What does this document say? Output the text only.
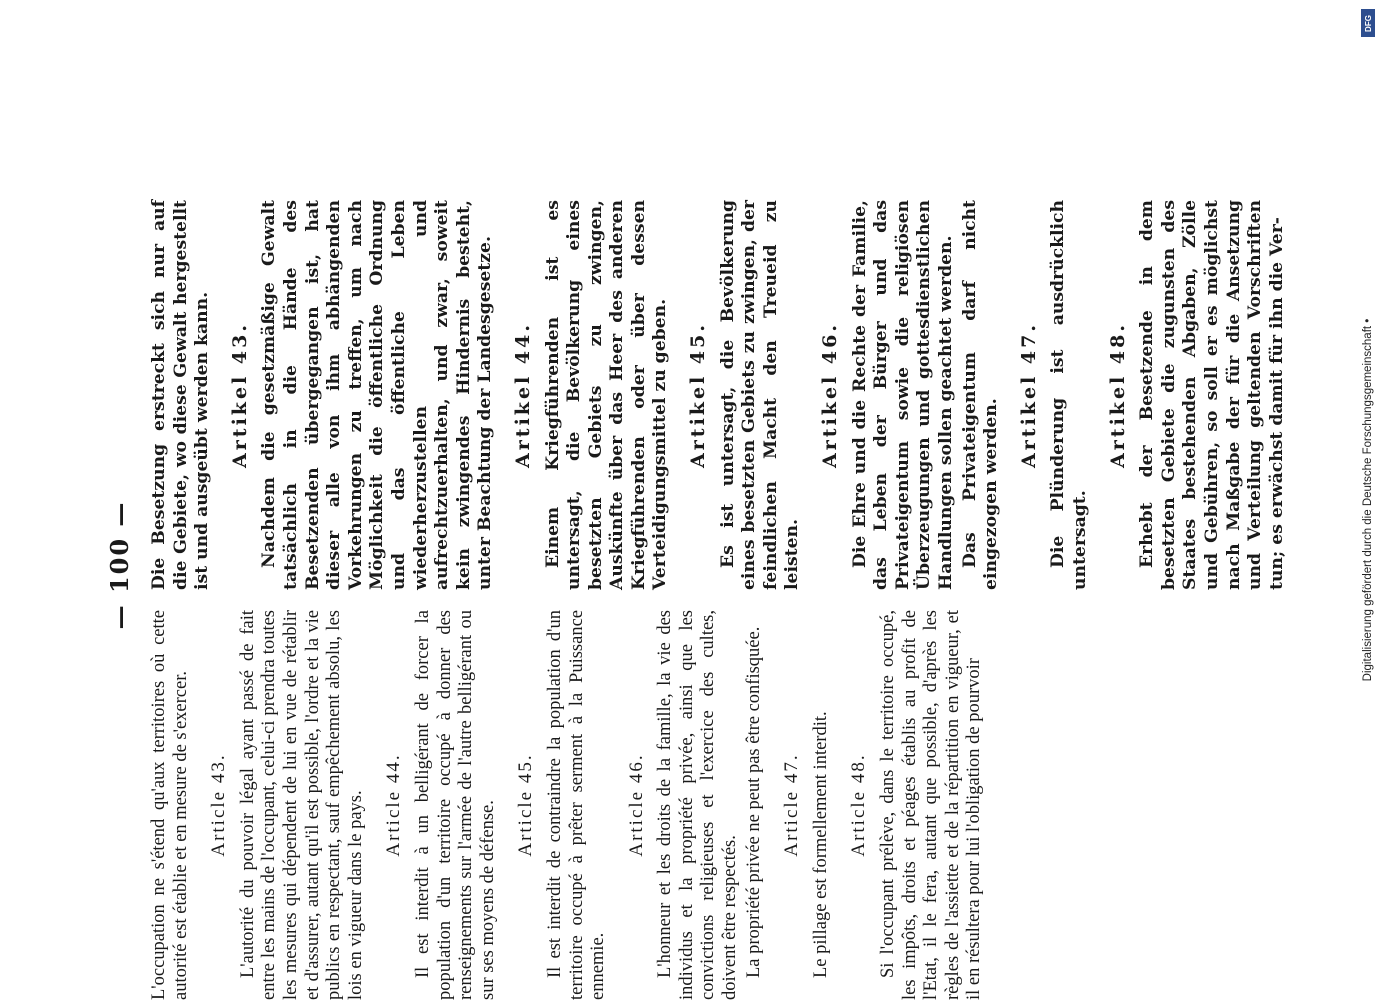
— 100 —

L'occupation ne s'étend qu'aux territoires où cette autorité est établie et en mesure de s'exercer. Article 43. L'autorité du pouvoir légal ayant passé de fait entre les mains de l'occupant, celui-ci prendra toutes les mesures qui dépendent de lui en vue de rétablir et d'assurer, autant qu'il est possible, l'ordre et la vie publics en respectant, sauf empêchement absolu, les lois en vigueur dans le pays. Article 44. Il est interdit à un belligérant de forcer la population d'un territoire occupé à donner des renseignements sur l'armée de l'autre belligérant ou sur ses moyens de défense. Article 45. Il est interdit de contraindre la population d'un territoire occupé à prêter serment à la Puissance ennemie.

Article 46. L'honneur et les droits de la famille, la vie des individus et la propriété privée, ainsi que les convictions religieuses et l'exercice des cultes, doivent être respectés. La propriété privée ne peut pas être confisquée. Article 47. Le pillage est formellement interdit. Article 48. Si l'occupant prélève, dans le territoire occupé, les impôts, droits et péages établis au profit de l'Etat, il le fera, autant que possible, d'après les règles de l'assiette et de la répartition en vigueur, et il en résultera pour lui l'obligation de pourvoir

Die Besetzung erstreckt sich nur auf die Gebiete, wo diese Gewalt hergestellt ist und ausgeübt werden kann. Artikel 43. Nachdem die gesetzmäßige Gewalt tatsächlich in die Hände des Besetzenden übergegangen ist, hat dieser alle von ihm abhängenden Vorkehrungen zu treffen, um nach Möglichkeit die öffentliche Ordnung und das öffentliche Leben wiederherzustellen und aufrechtzuerhalten, und zwar, soweit kein zwingendes Hindernis besteht, unter Beachtung der Landesgesetze. Artikel 44. Einem Kriegführenden ist es untersagt, die Bevölkerung eines besetzten Gebiets zu zwingen, Auskünfte über das Heer des anderen Kriegführenden oder über dessen Verteidigungsmittel zu geben. Artikel 45. Es ist untersagt, die Bevölkerung eines besetzten Gebiets zu zwingen, der feindlichen Macht den Treueid zu leisten.

Artikel 46. Die Ehre und die Rechte der Familie, das Leben der Bürger und das Privateigentum sowie die religiösen Überzeugungen und gottesdienstlichen Handlungen sollen geachtet werden. Das Privateigentum darf nicht eingezogen werden.

Artikel 47. Die Plünderung ist ausdrücklich untersagt.

Artikel 48. Erhebt der Besetzende in dem besetzten Gebiete die zugunsten des Staates bestehenden Abgaben, Zölle und Gebühren, so soll er es möglichst nach Maßgabe der für die Ansetzung und Verteilung geltenden Vorschriften tun; es erwächst damit für ihn die Ver-	Digitalisierung gefördert durch die Deutsche Forschungsgemeinschaft •
DFG
